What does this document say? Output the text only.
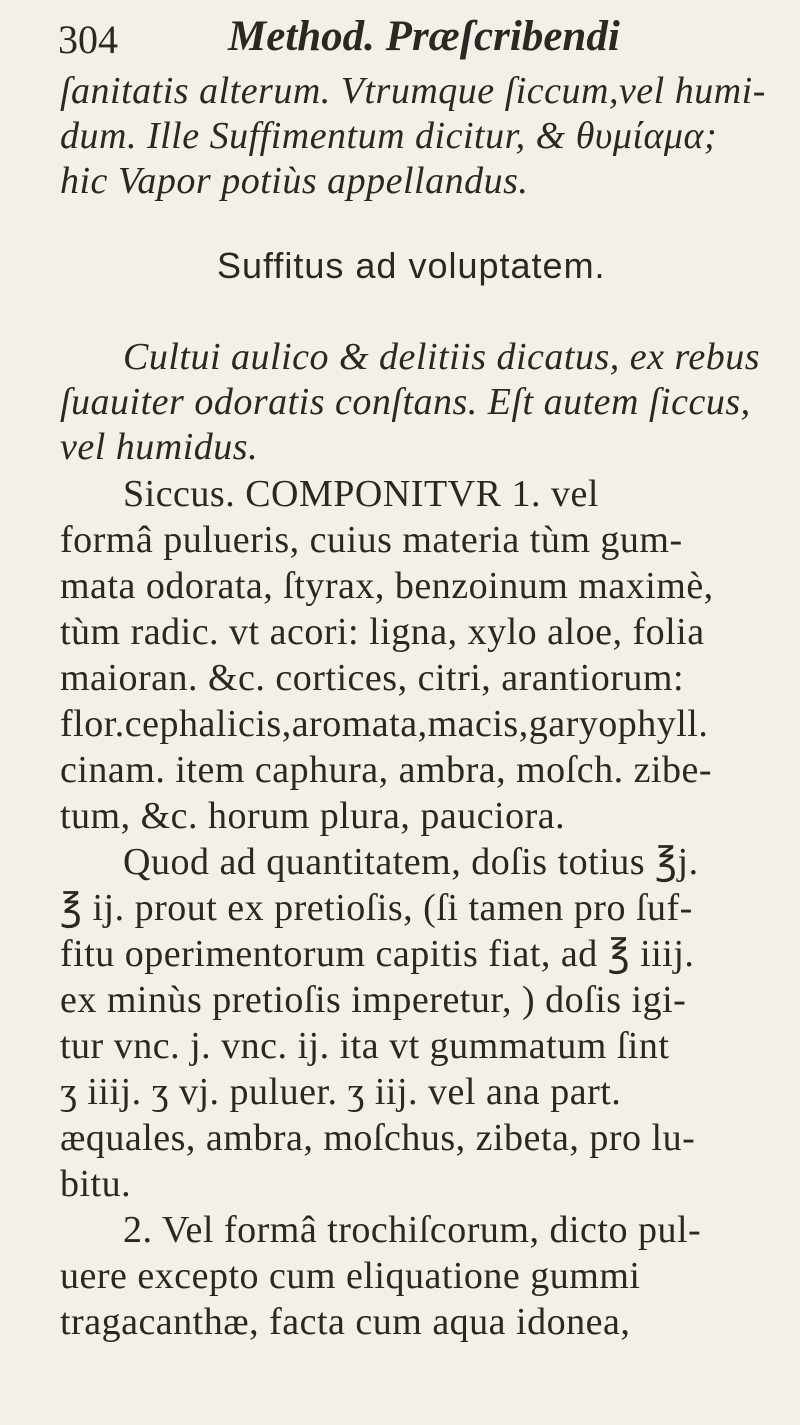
304	Method. Præſcribendi
ſanitatis alterum. Vtrumque ſiccum,vel humi-
dum. Ille Suffimentum dicitur, & θυμίαμα;
hic Vapor potiùs appellandus.
Suffitus ad voluptatem.
Cultui aulico & delitiis dicatus, ex rebus
ſuauiter odoratis conſtans. Eſt autem ſiccus,
vel humidus.
Siccus. COMPONITVR 1. vel
formâ pulueris, cuius materia tùm gum-
mata odorata, ſtyrax, benzoinum maximè,
tùm radic. vt acori: ligna, xylo aloe, folia
maioran. &c. cortices, citri, arantiorum:
flor.cephalicis,aromata,macis,garyophyll.
cinam. item caphura, ambra, moſch. zibe-
tum, &c. horum plura, pauciora.
Quod ad quantitatem, doſis totius ℥j.
℥ ij. prout ex pretioſis, (ſi tamen pro ſuf-
fitu operimentorum capitis fiat, ad ℥ iiij.
ex minùs pretioſis imperetur, ) doſis igi-
tur vnc. j. vnc. ij. ita vt gummatum ſint
ʒ iiij. ʒ vj. puluer. ʒ iij. vel ana part.
æquales, ambra, moſchus, zibeta, pro lu-
bitu.
2. Vel formâ trochiſcorum, dicto pul-
uere excepto cum eliquatione gummi
tragacanthæ, facta cum aqua idonea,
